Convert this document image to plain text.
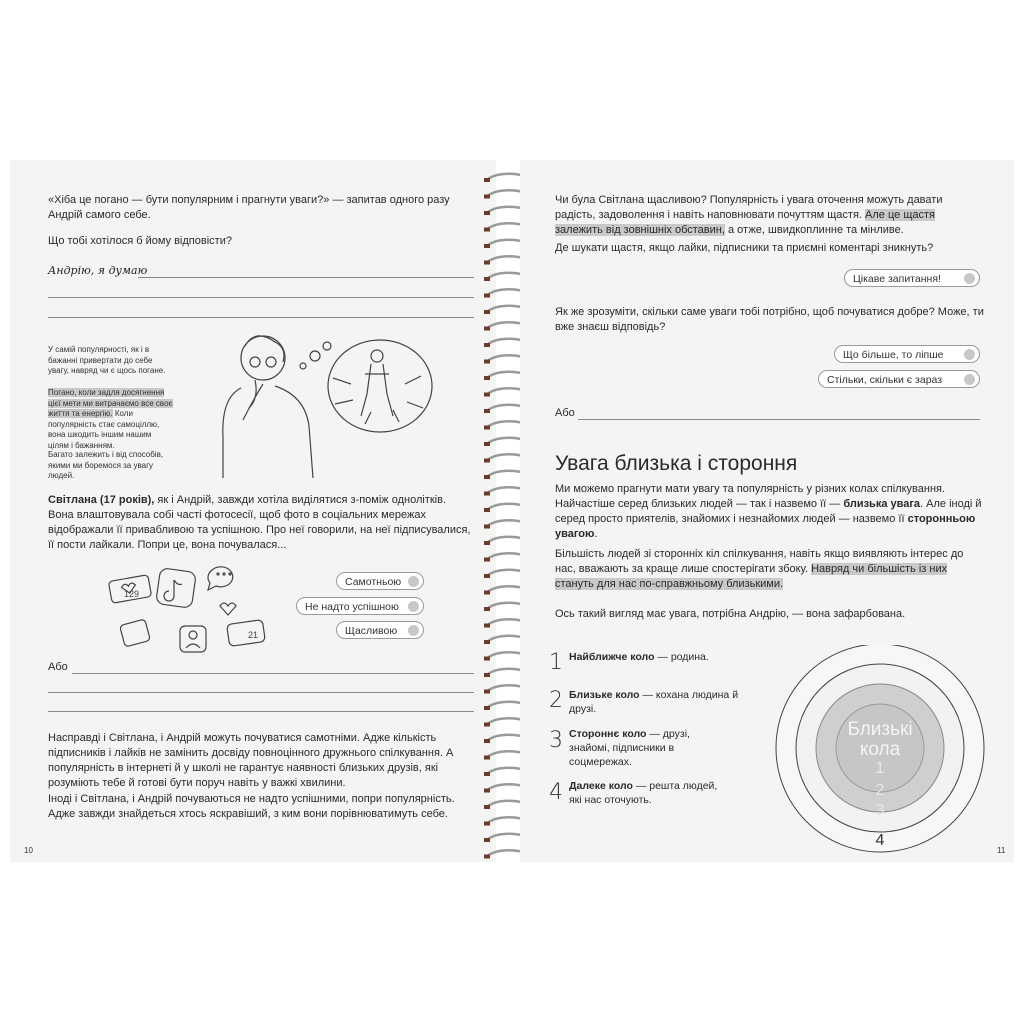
«Хіба це погано — бути популярним і прагнути уваги?» — запитав одного разу Андрій самого себе.
Що тобі хотілося б йому відповісти?
Андрію, я думаю
У самій популярності, як і в бажанні привертати до себе увагу, навряд чи є щось погане.
Погано, коли задля досягнення цієї мети ми витрачаємо все своє життя та енергію. Коли популярність стає самоціллю, вона шкодить іншим нашим цілям і бажанням.
Багато залежить і від способів, якими ми боремося за увагу людей.
Світлана (17 років), як і Андрій, завжди хотіла виділятися з-поміж однолітків. Вона влаштовувала собі часті фотосесії, щоб фото в соціальних мережах відображали її привабливою та успішною. Про неї говорили, на неї підписувалися, її пости лайкали. Попри це, вона почувалася...
129
21
Самотньою
Не надто успішною
Щасливою
Або
Насправді і Світлана, і Андрій можуть почуватися самотніми. Адже кількість підписників і лайків не замінить досвіду повноцінного дружнього спілкування. А популярність в інтернеті й у школі не гарантує наявності близьких друзів, які розуміють тебе й готові бути поруч навіть у важкі хвилини.
Іноді і Світлана, і Андрій почуваються не надто успішними, попри популярність. Адже завжди знайдеться хтось яскравіший, з ким вони порівнюватимуть себе.
10
Чи була Світлана щасливою? Популярність і увага оточення можуть давати радість, задоволення і навіть наповнювати почуттям щастя. Але це щастя залежить від зовнішніх обставин, а отже, швидкоплинне та мінливе.
Де шукати щастя, якщо лайки, підписники та приємні коментарі зникнуть?
Цікаве запитання!
Як же зрозуміти, скільки саме уваги тобі потрібно, щоб почуватися добре? Може, ти вже знаєш відповідь?
Що більше, то ліпше
Стільки, скільки є зараз
Або
Увага близька і стороння
Ми можемо прагнути мати увагу та популярність у різних колах спілкування. Найчастіше серед близьких людей — так і назвемо її — близька увага. Але іноді й серед просто приятелів, знайомих і незнайомих людей — назвемо її сторонньою увагою.
Більшість людей зі сторонніх кіл спілкування, навіть якщо виявляють інтерес до нас, вважають за краще лише спостерігати збоку. Навряд чи більшість із них стануть для нас по-справжньому близькими.
Ось такий вигляд має увага, потрібна Андрію, — вона зафарбована.
1 Найближче коло — родина.
2 Близьке коло — кохана людина й друзі.
3 Стороннє коло — друзі, знайомі, підписники в соцмережах.
4 Далеке коло — решта людей, які нас оточують.
Близькі кола
1
2
3
4
11
